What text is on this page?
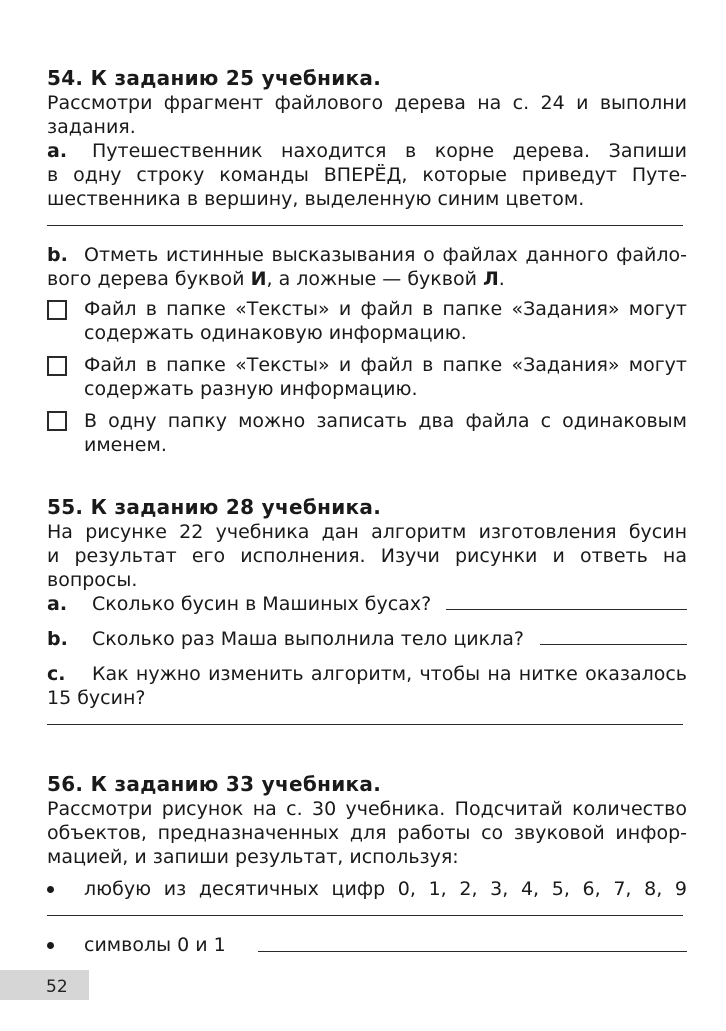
54. К заданию 25 учебника.
Рассмотри фрагмент файлового дерева на с. 24 и выполни
задания.
а. Путешественник находится в корне дерева. Запиши
в одну строку команды ВПЕРЁД, которые приведут Путе-
шественника в вершину, выделенную синим цветом.
b. Отметь истинные высказывания о файлах данного файло-
вого дерева буквой И, а ложные — буквой Л.
Файл в папке «Тексты» и файл в папке «Задания» могут
содержать одинаковую информацию.
Файл в папке «Тексты» и файл в папке «Задания» могут
содержать разную информацию.
В одну папку можно записать два файла с одинаковым
именем.
55. К заданию 28 учебника.
На рисунке 22 учебника дан алгоритм изготовления бусин
и результат его исполнения. Изучи рисунки и ответь на
вопросы.
а. Сколько бусин в Машиных бусах?
b. Сколько раз Маша выполнила тело цикла?
c. Как нужно изменить алгоритм, чтобы на нитке оказалось
15 бусин?
56. К заданию 33 учебника.
Рассмотри рисунок на с. 30 учебника. Подсчитай количество
объектов, предназначенных для работы со звуковой инфор-
мацией, и запиши результат, используя:
любую из десятичных цифр 0, 1, 2, 3, 4, 5, 6, 7, 8, 9
символы 0 и 1
52
